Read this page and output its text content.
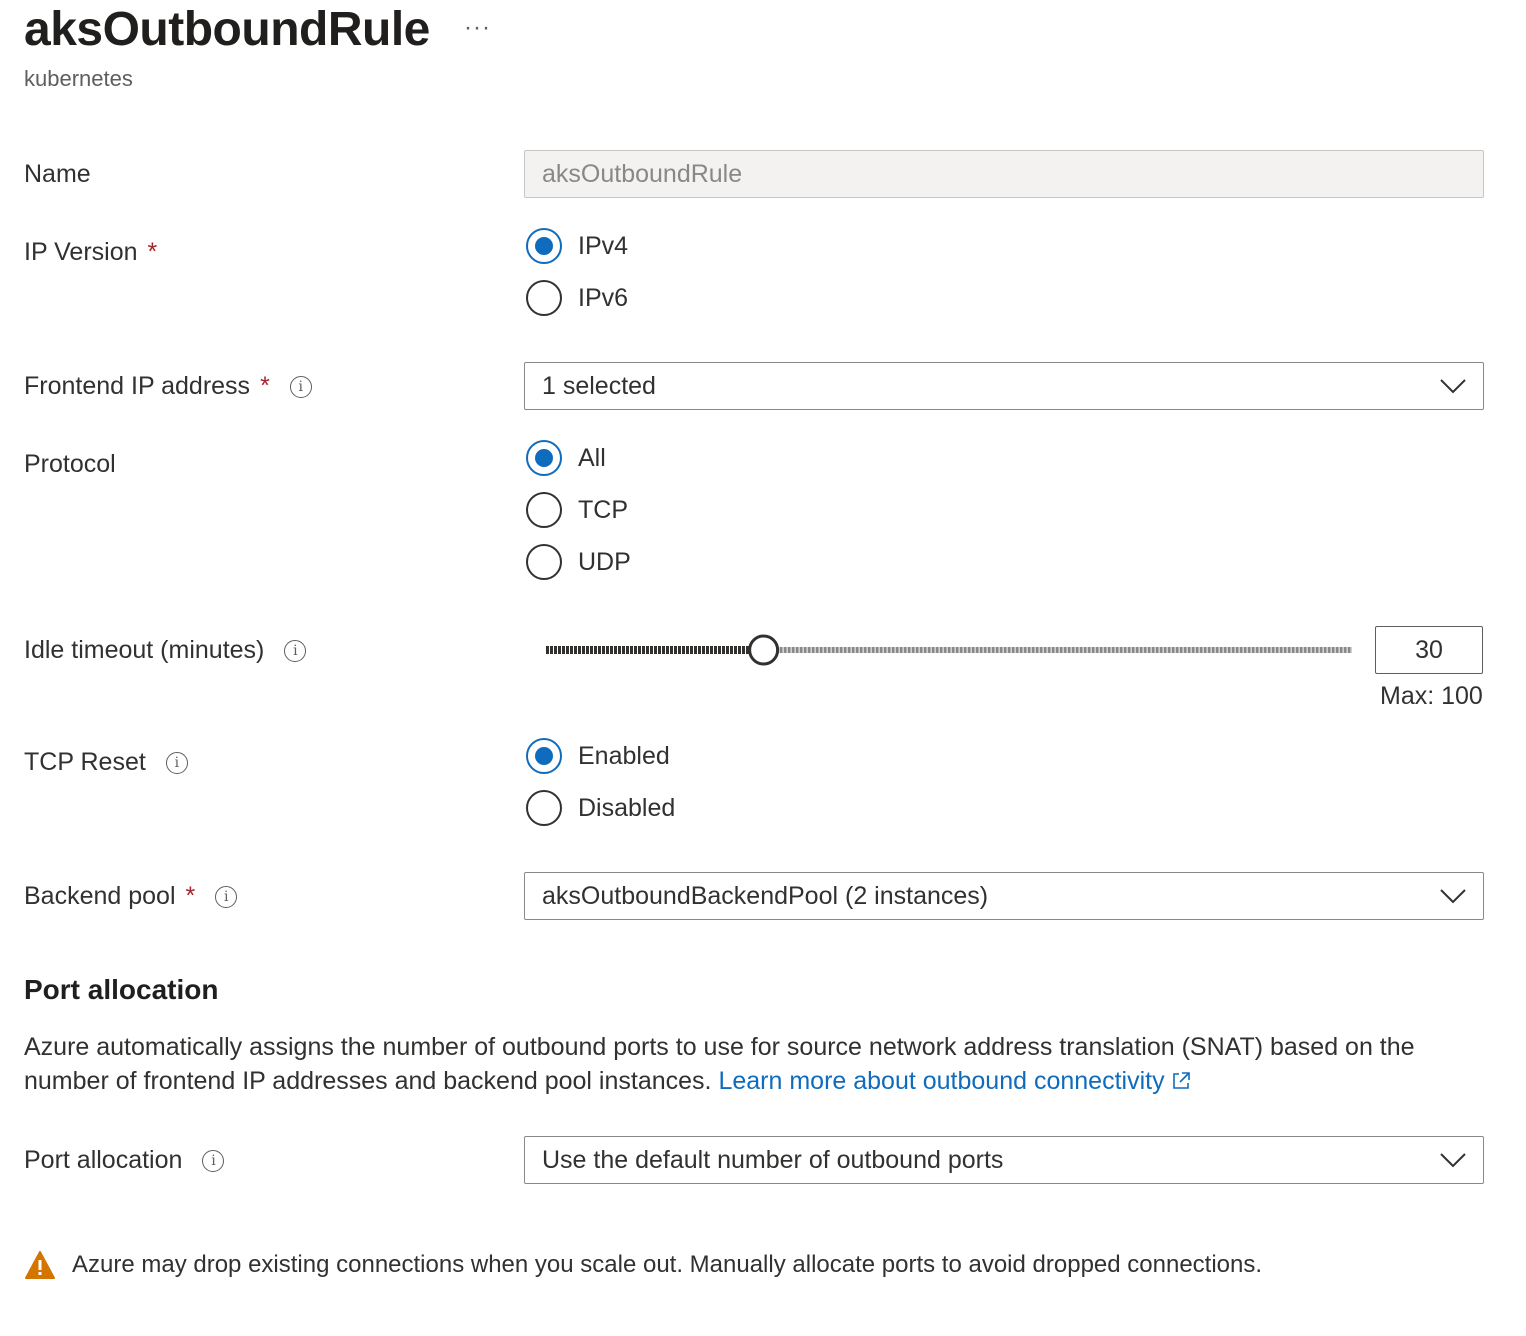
aksOutboundRule ···
kubernetes
Name	aksOutboundRule
IP Version *	IPv4
IPv6
Frontend IP address *	i	1 selected
Protocol	All
TCP
UDP
Idle timeout (minutes)	i	30
Max: 100
TCP Reset	i	Enabled
Disabled
Backend pool *	i	aksOutboundBackendPool (2 instances)
Port allocation
Azure automatically assigns the number of outbound ports to use for source network address translation (SNAT) based on the number of frontend IP addresses and backend pool instances. Learn more about outbound connectivity
Port allocation	i	Use the default number of outbound ports
Azure may drop existing connections when you scale out. Manually allocate ports to avoid dropped connections.
